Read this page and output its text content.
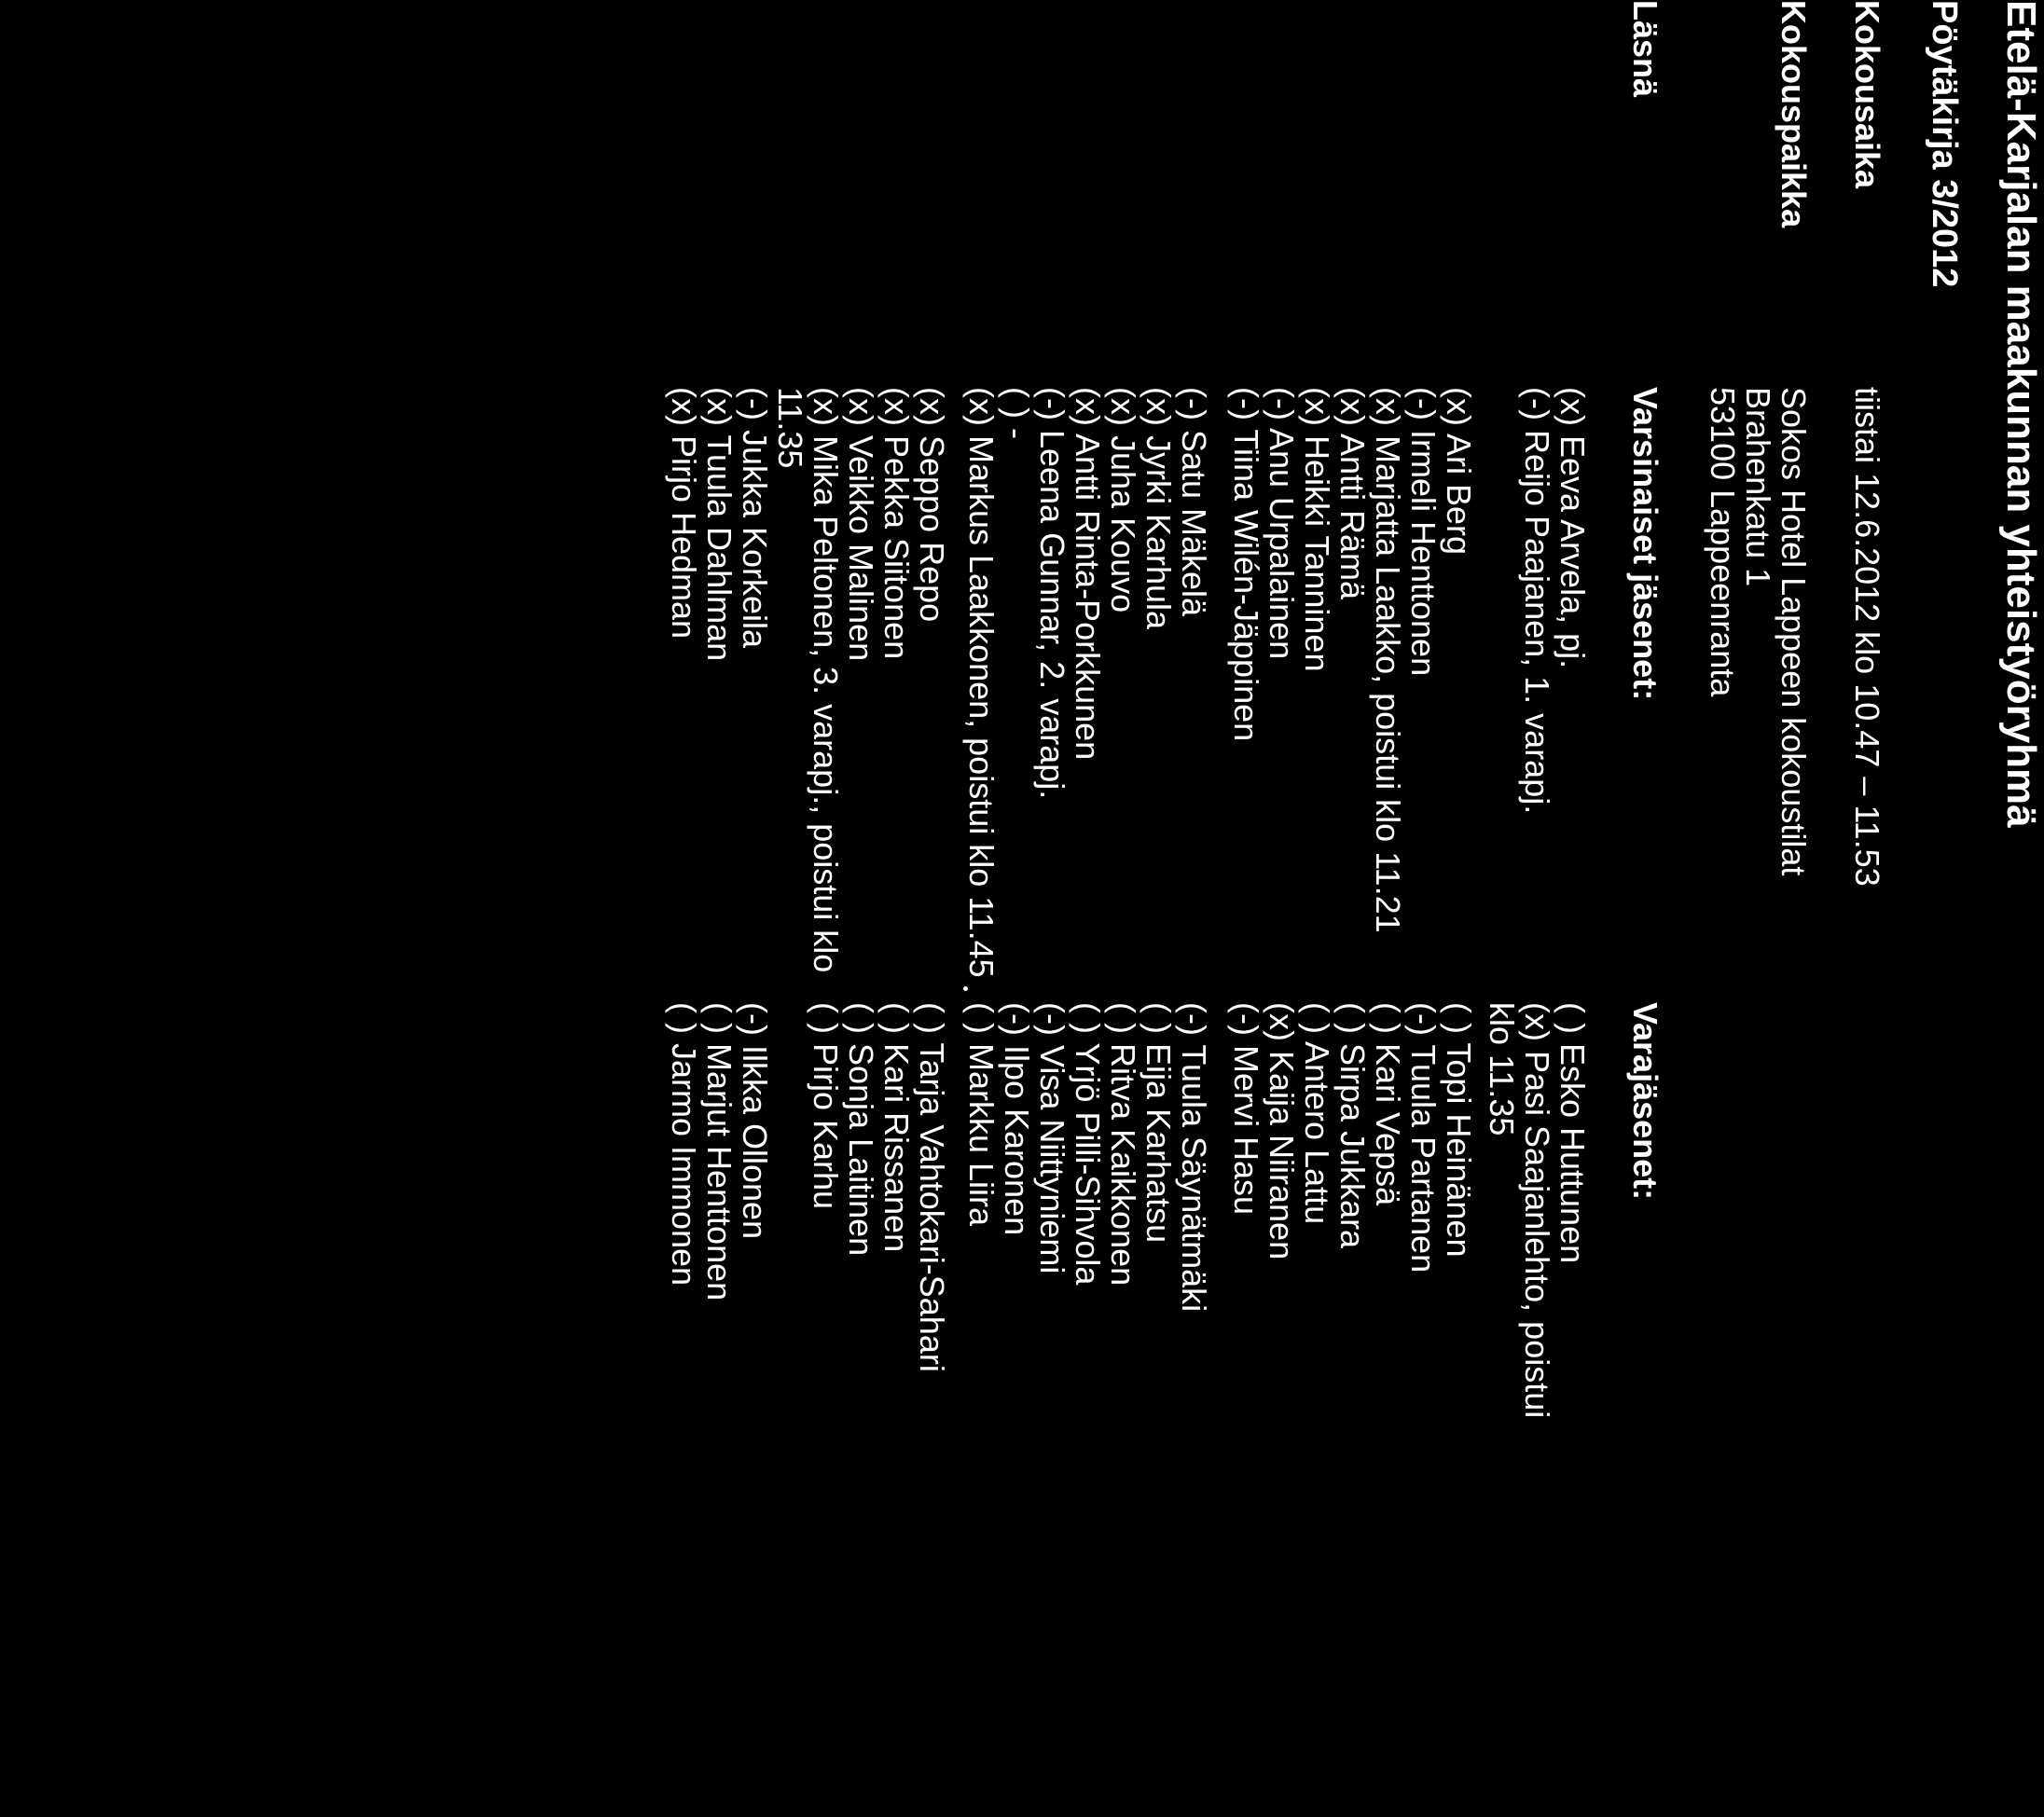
Etelä-Karjalan maakunnan yhteistyöryhmä
Pöytäkirja 3/2012
Kokousaika
tiistai 12.6.2012 klo 10.47 – 11.53
Kokouspaikka
Sokos Hotel Lappeen kokoustilat
Brahenkatu 1
53100 Lappeenranta
Läsnä
Varsinaiset jäsenet:
Varajäsenet:
(x) Eeva Arvela, pj.
(-) Reijo Paajanen, 1. varapj.
( ) Esko Huttunen
(x) Pasi Saajanlehto, poistui
klo 11.35
(x) Ari Berg
(-) Irmeli Henttonen
(x) Marjatta Laakko, poistui klo 11.21
(x) Antti Rämä
(x) Heikki Tanninen
(-) Anu Urpalainen
(-) Tiina Wilén-Jäppinen
( ) Topi Heinänen
(-) Tuula Partanen
( ) Kari Vepsä
( ) Sirpa Jukkara
( ) Antero Lattu
(x) Kaija Niiranen
(-) Mervi Hasu
(-) Satu Mäkelä
(x) Jyrki Karhula
(x) Juha Kouvo
(x) Antti Rinta-Porkkunen
(-) Leena Gunnar, 2. varapj.
( ) -
(x) Markus Laakkonen, poistui klo 11.45
(-) Tuula Säynätmäki
( ) Eija Karhatsu
( ) Ritva Kaikkonen
( ) Yrjö Pilli-Sihvola
(-) Visa Niittyniemi
(-) Ilpo Karonen
( ) Markku Liira
(x) Seppo Repo
(x) Pekka Siitonen
(x) Veikko Malinen
(x) Mika Peltonen, 3. varapj., poistui klo
11.35
(-) Jukka Korkeila
(x) Tuula Dahlman
(x) Pirjo Hedman
( ) Tarja Vahtokari-Sahari
( ) Kari Rissanen
( ) Sonja Laitinen
( ) Pirjo Karhu
(-) Ilkka Ollonen
( ) Marjut Henttonen
( ) Jarmo Immonen
